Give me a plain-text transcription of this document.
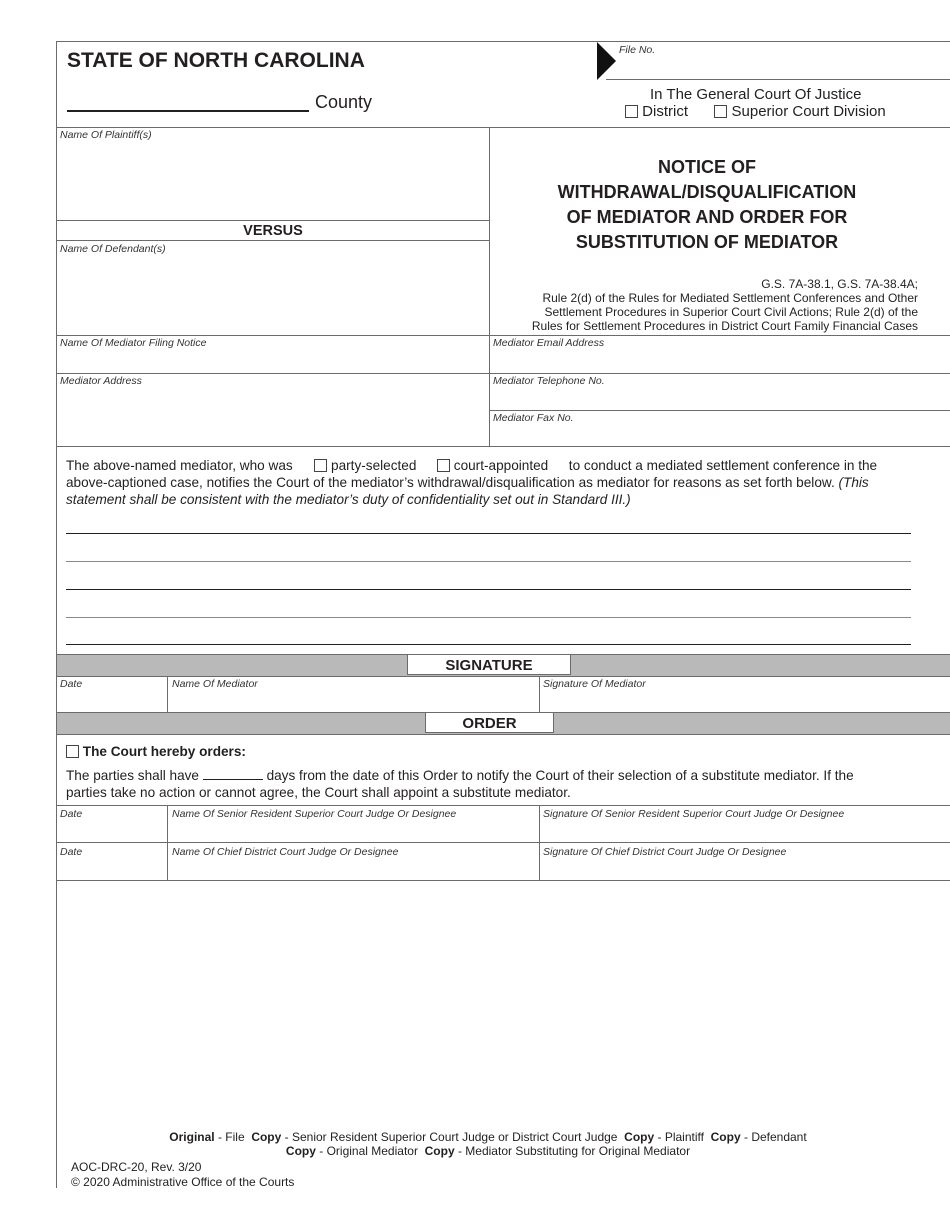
STATE OF NORTH CAROLINA	File No.
County	In The General Court Of Justice
District	Superior Court Division
Name Of Plaintiff(s)
VERSUS
Name Of Defendant(s)
NOTICE OF
WITHDRAWAL/DISQUALIFICATION
OF MEDIATOR AND ORDER FOR
SUBSTITUTION OF MEDIATOR
G.S. 7A-38.1, G.S. 7A-38.4A;
Rule 2(d) of the Rules for Mediated Settlement Conferences and Other
Settlement Procedures in Superior Court Civil Actions; Rule 2(d) of the
Rules for Settlement Procedures in District Court Family Financial Cases
Name Of Mediator Filing Notice	Mediator Email Address
Mediator Address	Mediator Telephone No.
Mediator Fax No.
The above-named mediator, who was	party-selected	court-appointed to conduct a mediated settlement conference in the
above-captioned case, notifies the Court of the mediator’s withdrawal/disqualification as mediator for reasons as set forth below. (This
statement shall be consistent with the mediator’s duty of confidentiality set out in Standard III.)
SIGNATURE
Date	Name Of Mediator	Signature Of Mediator
ORDER
The Court hereby orders:
The parties shall have	days from the date of this Order to notify the Court of their selection of a substitute mediator. If the
parties take no action or cannot agree, the Court shall appoint a substitute mediator.
Date	Name Of Senior Resident Superior Court Judge Or Designee	Signature Of Senior Resident Superior Court Judge Or Designee
Date	Name Of Chief District Court Judge Or Designee	Signature Of Chief District Court Judge Or Designee
Original - File Copy - Senior Resident Superior Court Judge or District Court Judge Copy - Plaintiff Copy - Defendant
Copy - Original Mediator Copy - Mediator Substituting for Original Mediator
AOC-DRC-20, Rev. 3/20
© 2020 Administrative Office of the Courts
